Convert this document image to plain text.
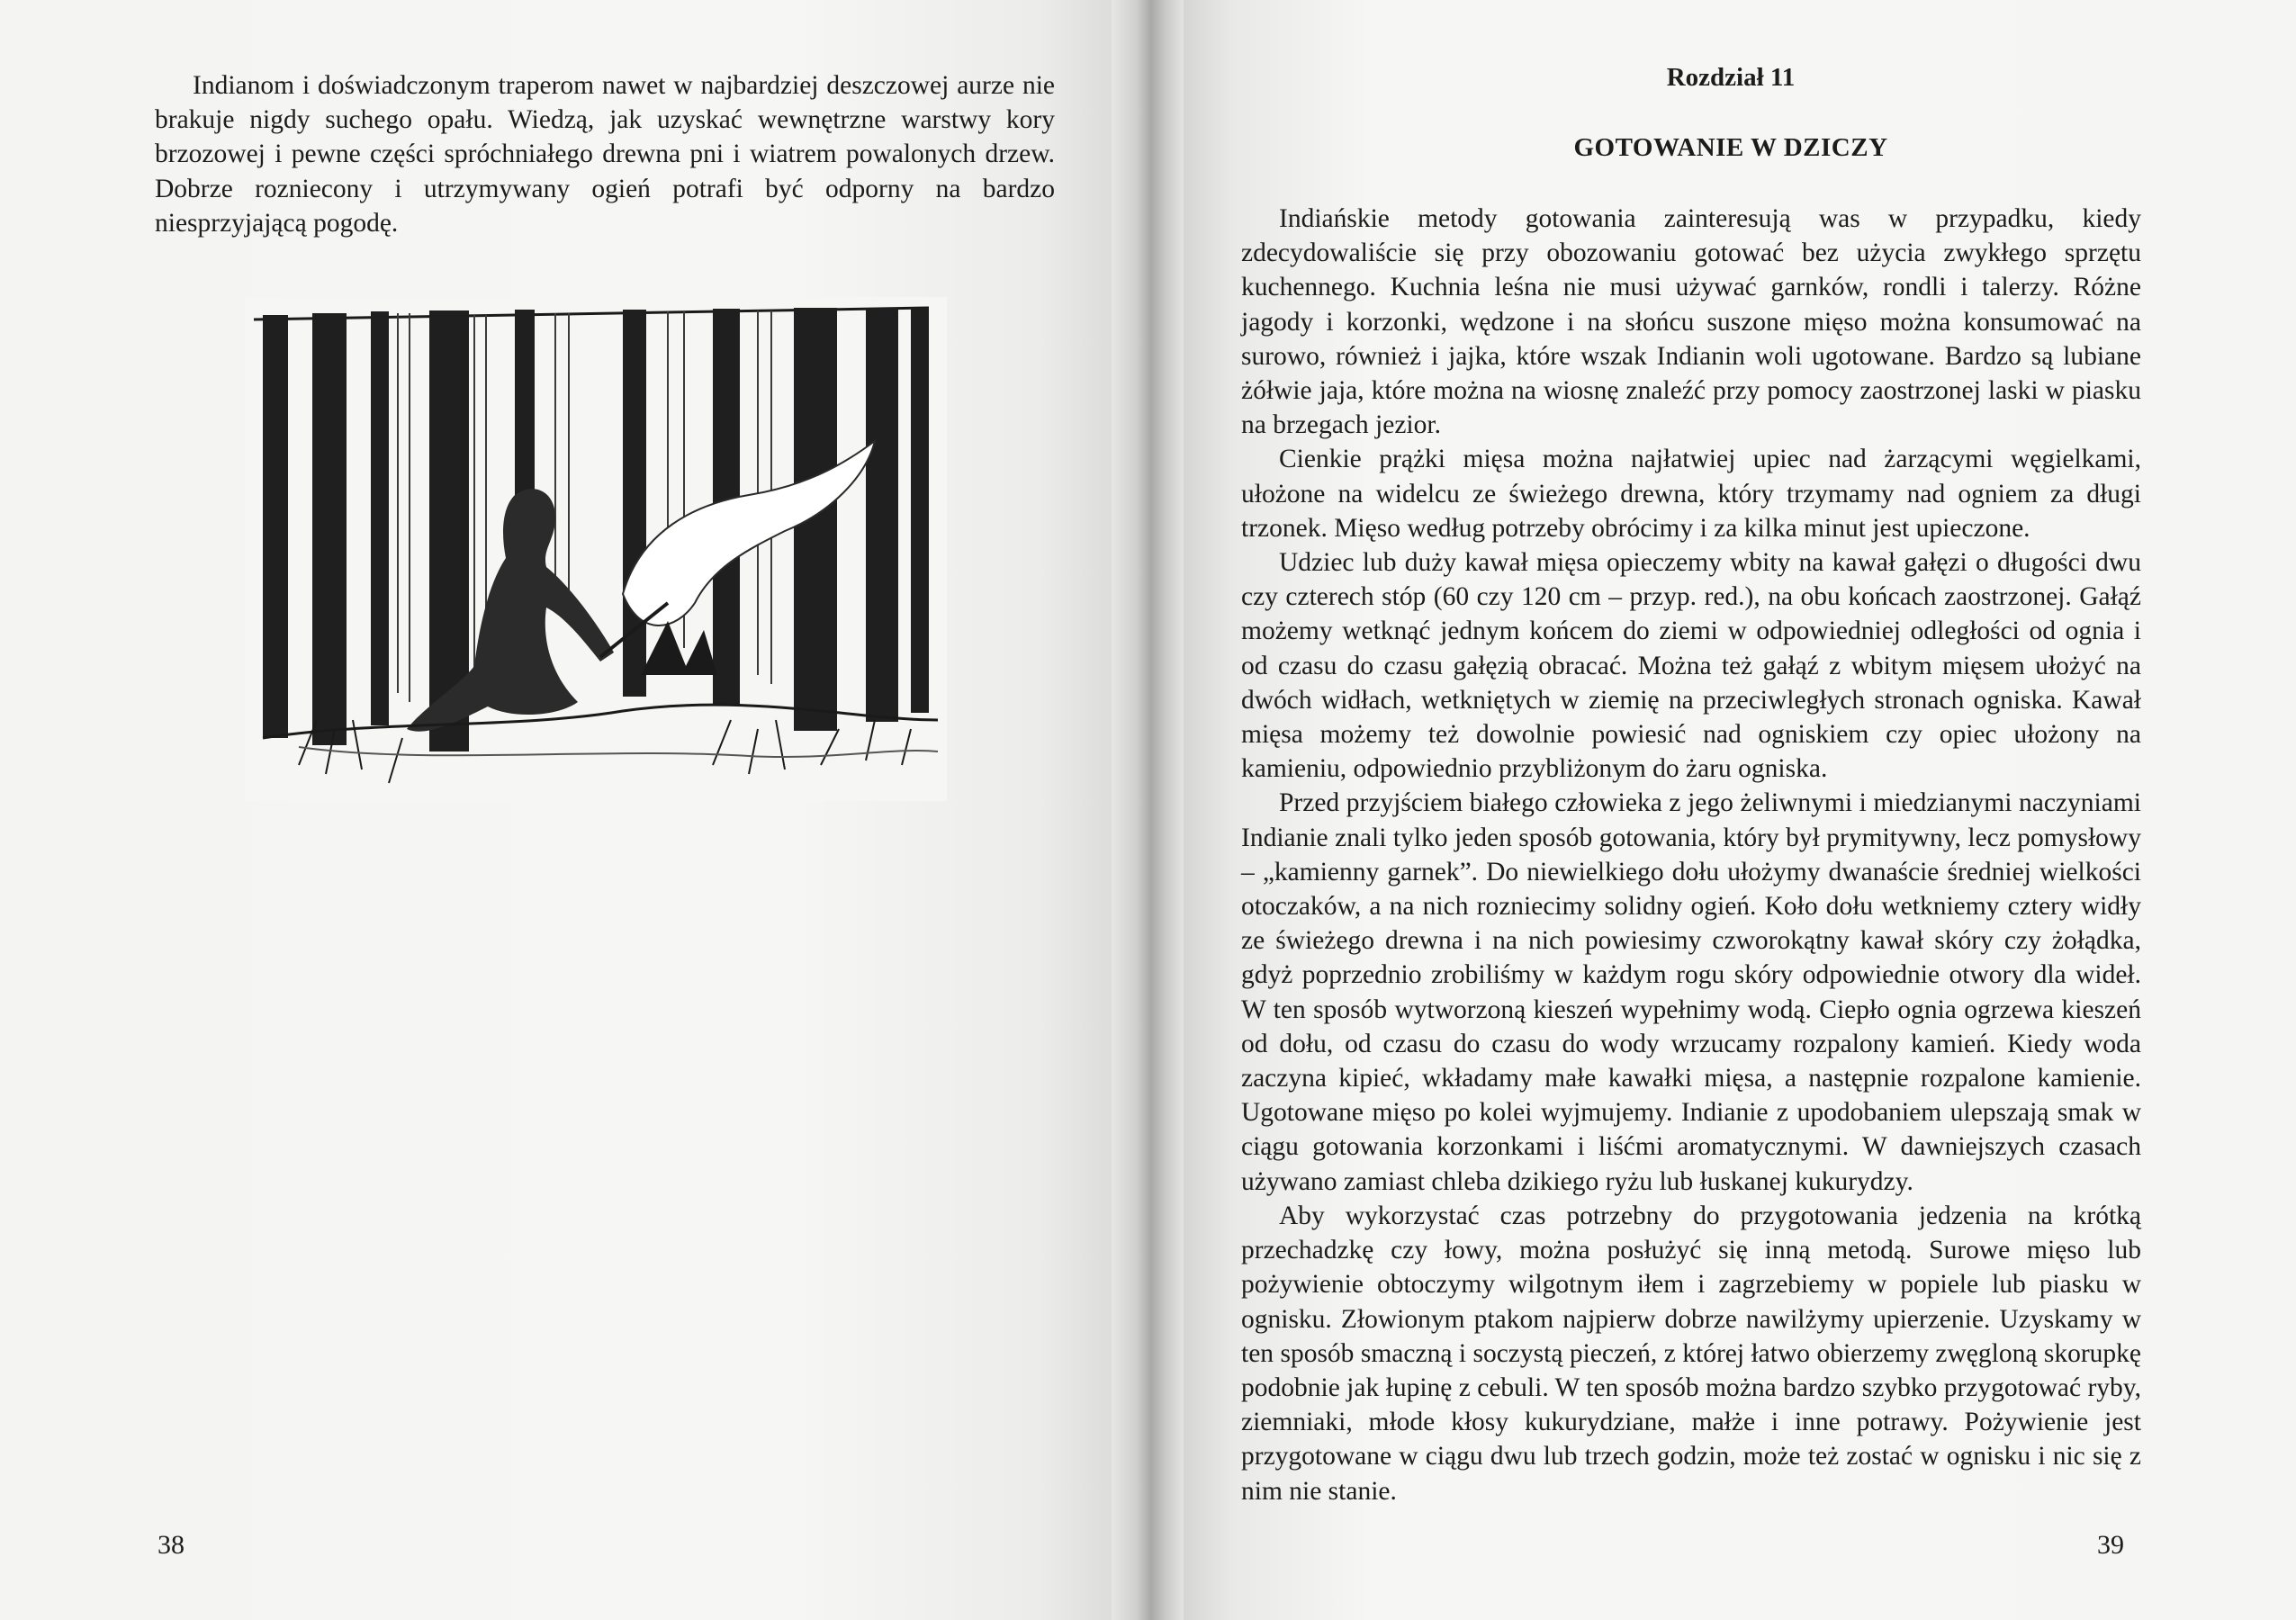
Indianom i doświadczonym traperom nawet w najbardziej deszczowej aurze nie brakuje nigdy suchego opału. Wiedzą, jak uzyskać wewnętrzne warstwy kory brzozowej i pewne części spróchniałego drewna pni i wiatrem powalonych drzew. Dobrze rozniecony i utrzymywany ogień potrafi być odporny na bardzo niesprzyjającą pogodę.

38

Rozdział 11

GOTOWANIE W DZICZY

Indiańskie metody gotowania zainteresują was w przypadku, kiedy zdecydowaliście się przy obozowaniu gotować bez użycia zwykłego sprzętu kuchennego. Kuchnia leśna nie musi używać garnków, rondli i talerzy. Różne jagody i korzonki, wędzone i na słońcu suszone mięso można konsumować na surowo, również i jajka, które wszak Indianin woli ugotowane. Bardzo są lubiane żółwie jaja, które można na wiosnę znaleźć przy pomocy zaostrzonej laski w piasku na brzegach jezior.

Cienkie prążki mięsa można najłatwiej upiec nad żarzącymi węgielkami, ułożone na widelcu ze świeżego drewna, który trzymamy nad ogniem za długi trzonek. Mięso według potrzeby obrócimy i za kilka minut jest upieczone.

Udziec lub duży kawał mięsa opieczemy wbity na kawał gałęzi o długości dwu czy czterech stóp (60 czy 120 cm – przyp. red.), na obu końcach zaostrzonej. Gałąź możemy wetknąć jednym końcem do ziemi w odpowiedniej odległości od ognia i od czasu do czasu gałęzią obracać. Można też gałąź z wbitym mięsem ułożyć na dwóch widłach, wetkniętych w ziemię na przeciwległych stronach ogniska. Kawał mięsa możemy też dowolnie powiesić nad ogniskiem czy opiec ułożony na kamieniu, odpowiednio przybliżonym do żaru ogniska.

Przed przyjściem białego człowieka z jego żeliwnymi i miedzianymi naczyniami Indianie znali tylko jeden sposób gotowania, który był prymitywny, lecz pomysłowy – „kamienny garnek”. Do niewielkiego dołu ułożymy dwanaście średniej wielkości otoczaków, a na nich rozniecimy solidny ogień. Koło dołu wetkniemy cztery widły ze świeżego drewna i na nich powiesimy czworokątny kawał skóry czy żołądka, gdyż poprzednio zrobiliśmy w każdym rogu skóry odpowiednie otwory dla wideł. W ten sposób wytworzoną kieszeń wypełnimy wodą. Ciepło ognia ogrzewa kieszeń od dołu, od czasu do czasu do wody wrzucamy rozpalony kamień. Kiedy woda zaczyna kipieć, wkładamy małe kawałki mięsa, a następnie rozpalone kamienie. Ugotowane mięso po kolei wyjmujemy. Indianie z upodobaniem ulepszają smak w ciągu gotowania korzonkami i liśćmi aromatycznymi. W dawniejszych czasach używano zamiast chleba dzikiego ryżu lub łuskanej kukurydzy.

Aby wykorzystać czas potrzebny do przygotowania jedzenia na krótką przechadzkę czy łowy, można posłużyć się inną metodą. Surowe mięso lub pożywienie obtoczymy wilgotnym iłem i zagrzebiemy w popiele lub piasku w ognisku. Złowionym ptakom najpierw dobrze nawilżymy upierzenie. Uzyskamy w ten sposób smaczną i soczystą pieczeń, z której łatwo obierzemy zwęgloną skorupkę podobnie jak łupinę z cebuli. W ten sposób można bardzo szybko przygotować ryby, ziemniaki, młode kłosy kukurydziane, małże i inne potrawy. Pożywienie jest przygotowane w ciągu dwu lub trzech godzin, może też zostać w ognisku i nic się z nim nie stanie.

39
